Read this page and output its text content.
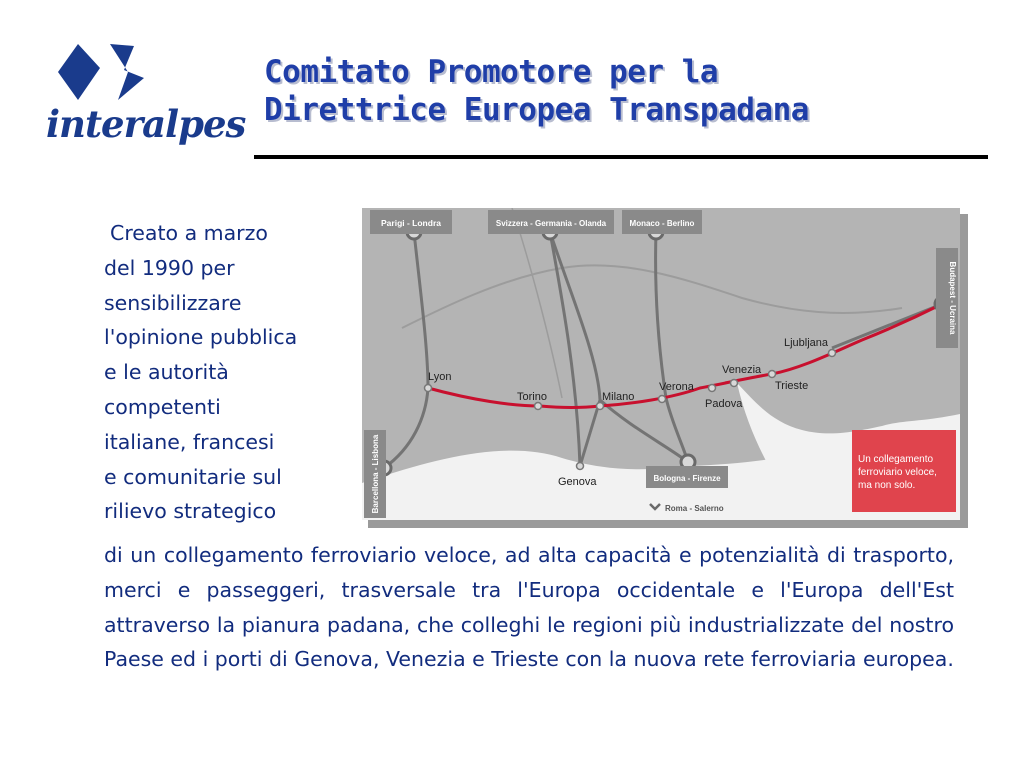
interalpes
Comitato Promotore per la
Direttrice Europea Transpadana

Creato a marzo
del 1990 per
sensibilizzare
l'opinione pubblica
e le autorità
competenti
italiane, francesi
e comunitarie sul
rilievo strategico

Parigi - Londra	Svizzera - Germania - Olanda	Monaco - Berlino
Budapest - Ucraina
Barcellona - Lisbona	Bologna - Firenze
Roma - Salerno
Lyon
Torino	Milano
Verona
Padova
Venezia
Trieste
Ljubljana
Genova
Un collegamento
ferroviario veloce,
ma non solo.

di un collegamento ferroviario veloce, ad alta capacità e potenzialità di trasporto, merci e passeggeri, trasversale tra l'Europa occidentale e l'Europa dell'Est attraverso la pianura padana, che colleghi le regioni più industrializzate del nostro Paese ed i porti di Genova, Venezia e Trieste con la nuova rete ferroviaria europea.
